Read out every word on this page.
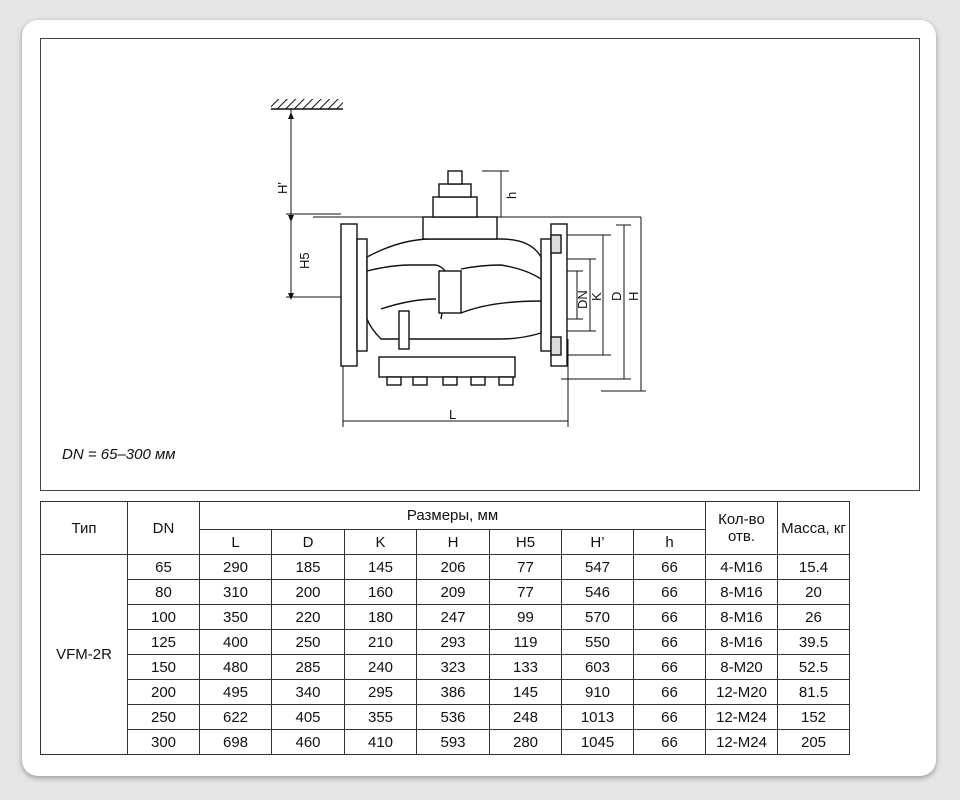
H'
H5
h
DN K D H
L
DN = 65–300 мм
Тип	DN	Размеры, мм							Кол-во отв.	Масса, кг
		L	D	K	H	H5	H’	h		
VFM-2R	65	290	185	145	206	77	547	66	4-M16	15.4
	80	310	200	160	209	77	546	66	8-M16	20
	100	350	220	180	247	99	570	66	8-M16	26
	125	400	250	210	293	119	550	66	8-M16	39.5
	150	480	285	240	323	133	603	66	8-M20	52.5
	200	495	340	295	386	145	910	66	12-M20	81.5
	250	622	405	355	536	248	1013	66	12-M24	152
	300	698	460	410	593	280	1045	66	12-M24	205
